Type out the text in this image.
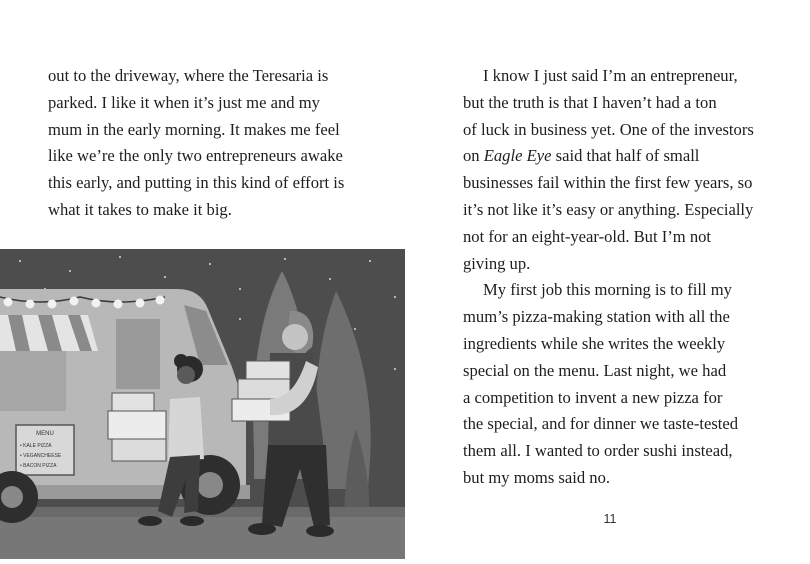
out to the driveway, where the Teresaria is
parked. I like it when it’s just me and my
mum in the early morning. It makes me feel
like we’re the only two entrepreneurs awake
this early, and putting in this kind of effort is
what it takes to make it big.

MENU
• KALE PIZZA
• VEGANCHEESE
• BACON PIZZA

I know I just said I’m an entrepreneur,
but the truth is that I haven’t had a ton
of luck in business yet. One of the investors
on Eagle Eye said that half of small
businesses fail within the first few years, so
it’s not like it’s easy or anything. Especially
not for an eight-year-old. But I’m not
giving up.

My first job this morning is to fill my
mum’s pizza-making station with all the
ingredients while she writes the weekly
special on the menu. Last night, we had
a competition to invent a new pizza for
the special, and for dinner we taste-tested
them all. I wanted to order sushi instead,
but my moms said no.

11
